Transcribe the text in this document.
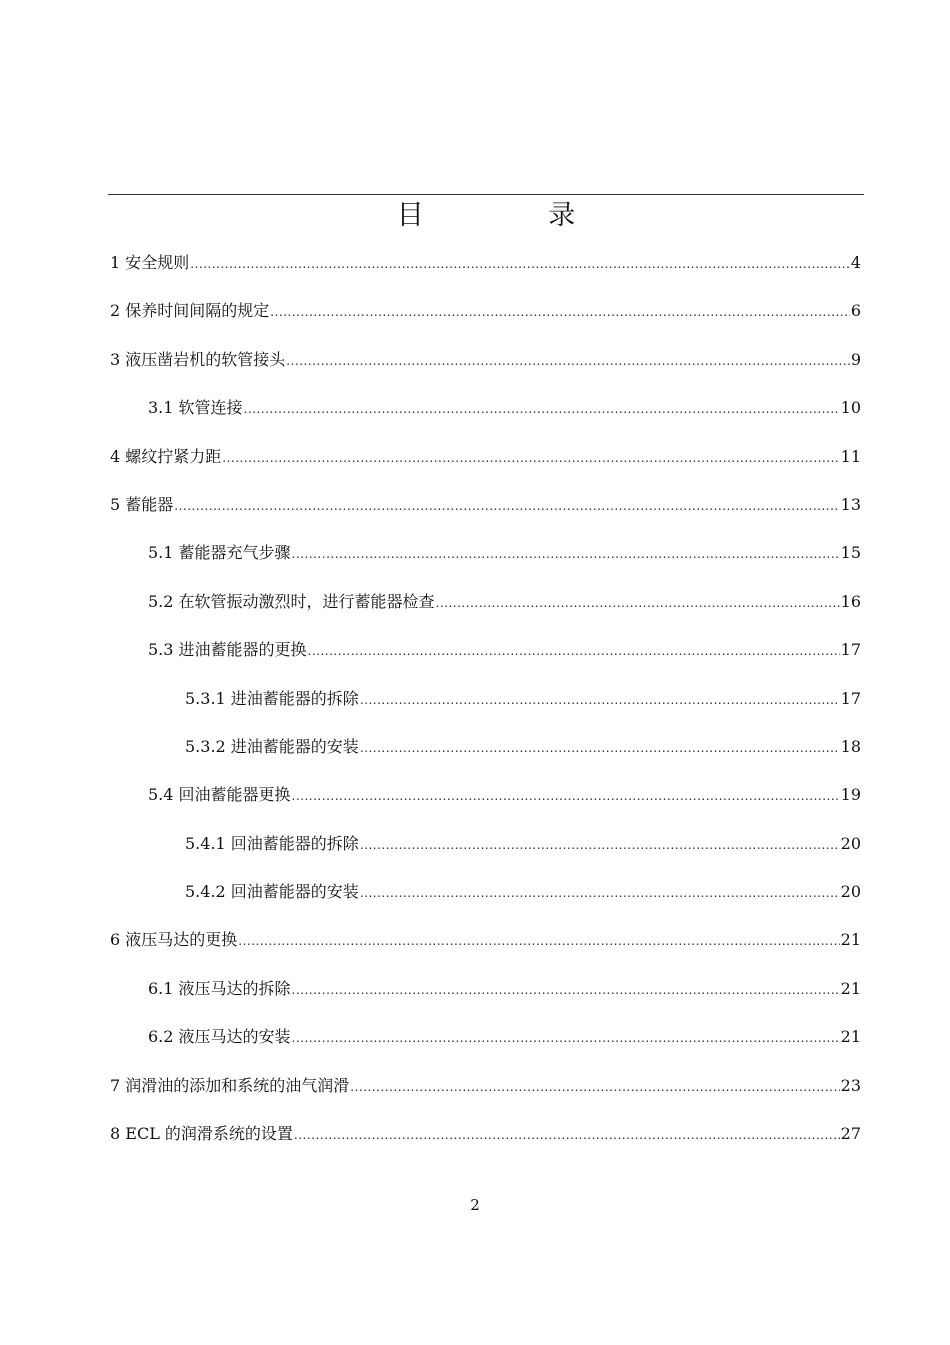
目 录
1 安全规则 .....	4
2 保养时间间隔的规定 .....	6
3 液压凿岩机的软管接头 .....	9
3.1 软管连接 .....	10
4 螺纹拧紧力距 .....	11
5 蓄能器 .....	13
5.1 蓄能器充气步骤 .....	15
5.2 在软管振动激烈时，进行蓄能器检查 .....	16
5.3 进油蓄能器的更换 .....	17
5.3.1 进油蓄能器的拆除 .....	17
5.3.2 进油蓄能器的安装 .....	18
5.4 回油蓄能器更换 .....	19
5.4.1 回油蓄能器的拆除 .....	20
5.4.2 回油蓄能器的安装 .....	20
6 液压马达的更换 .....	21
6.1 液压马达的拆除 .....	21
6.2 液压马达的安装 .....	21
7 润滑油的添加和系统的油气润滑 .....	23
8 ECL 的润滑系统的设置 .....	27
2
